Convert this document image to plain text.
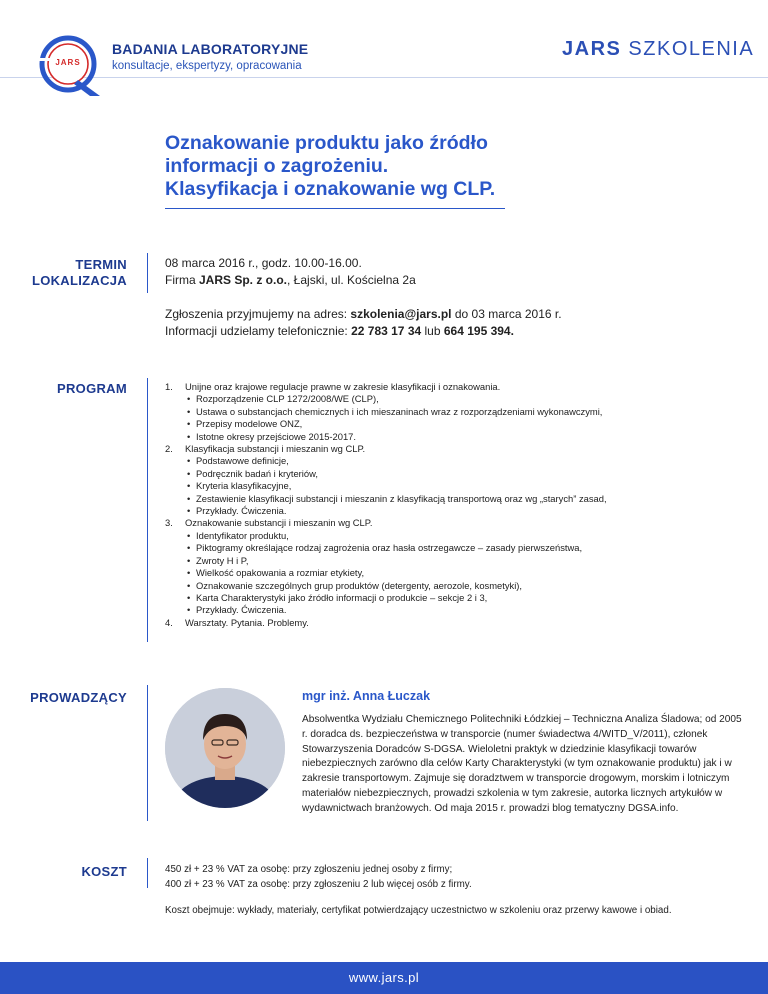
JARS
BADANIA LABORATORYJNE
konsultacje, ekspertyzy, opracowania
JARS SZKOLENIA
Oznakowanie produktu jako źródło
informacji o zagrożeniu.
Klasyfikacja i oznakowanie wg CLP.
TERMIN
LOKALIZACJA
08 marca 2016 r., godz. 10.00-16.00.
Firma JARS Sp. z o.o., Łajski, ul. Kościelna 2a
Zgłoszenia przyjmujemy na adres: szkolenia@jars.pl do 03 marca 2016 r.
Informacji udzielamy telefonicznie: 22 783 17 34 lub 664 195 394.
PROGRAM	1. Unijne oraz krajowe regulacje prawne w zakresie klasyfikacji i oznakowania.
• Rozporządzenie CLP 1272/2008/WE (CLP),
• Ustawa o substancjach chemicznych i ich mieszaninach wraz z rozporządzeniami wykonawczymi,
• Przepisy modelowe ONZ,
• Istotne okresy przejściowe 2015-2017.
2. Klasyfikacja substancji i mieszanin wg CLP.
• Podstawowe definicje,
• Podręcznik badań i kryteriów,
• Kryteria klasyfikacyjne,
• Zestawienie klasyfikacji substancji i mieszanin z klasyfikacją transportową oraz wg „starych” zasad,
• Przykłady. Ćwiczenia.
3. Oznakowanie substancji i mieszanin wg CLP.
• Identyfikator produktu,
• Piktogramy określające rodzaj zagrożenia oraz hasła ostrzegawcze – zasady pierwszeństwa,
• Zwroty H i P,
• Wielkość opakowania a rozmiar etykiety,
• Oznakowanie szczególnych grup produktów (detergenty, aerozole, kosmetyki),
• Karta Charakterystyki jako źródło informacji o produkcie – sekcje 2 i 3,
• Przykłady. Ćwiczenia.
4. Warsztaty. Pytania. Problemy.
PROWADZĄCY	mgr inż. Anna Łuczak
Absolwentka Wydziału Chemicznego Politechniki Łódzkiej – Techniczna Analiza Śladowa; od 2005 r. doradca ds. bezpieczeństwa w transporcie (numer świadectwa 4/WITD_V/2011), członek Stowarzyszenia Doradców S-DGSA. Wieloletni praktyk w dziedzinie klasyfikacji towarów niebezpiecznych zarówno dla celów Karty Charakterystyki (w tym oznakowanie produktu) jak i w zakresie transportowym. Zajmuje się doradztwem w transporcie drogowym, morskim i lotniczym materiałów niebezpiecznych, prowadzi szkolenia w tym zakresie, autorka licznych artykułów w wydawnictwach branżowych. Od maja 2015 r. prowadzi blog tematyczny DGSA.info.
KOSZT	450 zł + 23 % VAT za osobę: przy zgłoszeniu jednej osoby z firmy;
400 zł + 23 % VAT za osobę: przy zgłoszeniu 2 lub więcej osób z firmy.
Koszt obejmuje: wykłady, materiały, certyfikat potwierdzający uczestnictwo w szkoleniu oraz przerwy kawowe i obiad.
www.jars.pl
